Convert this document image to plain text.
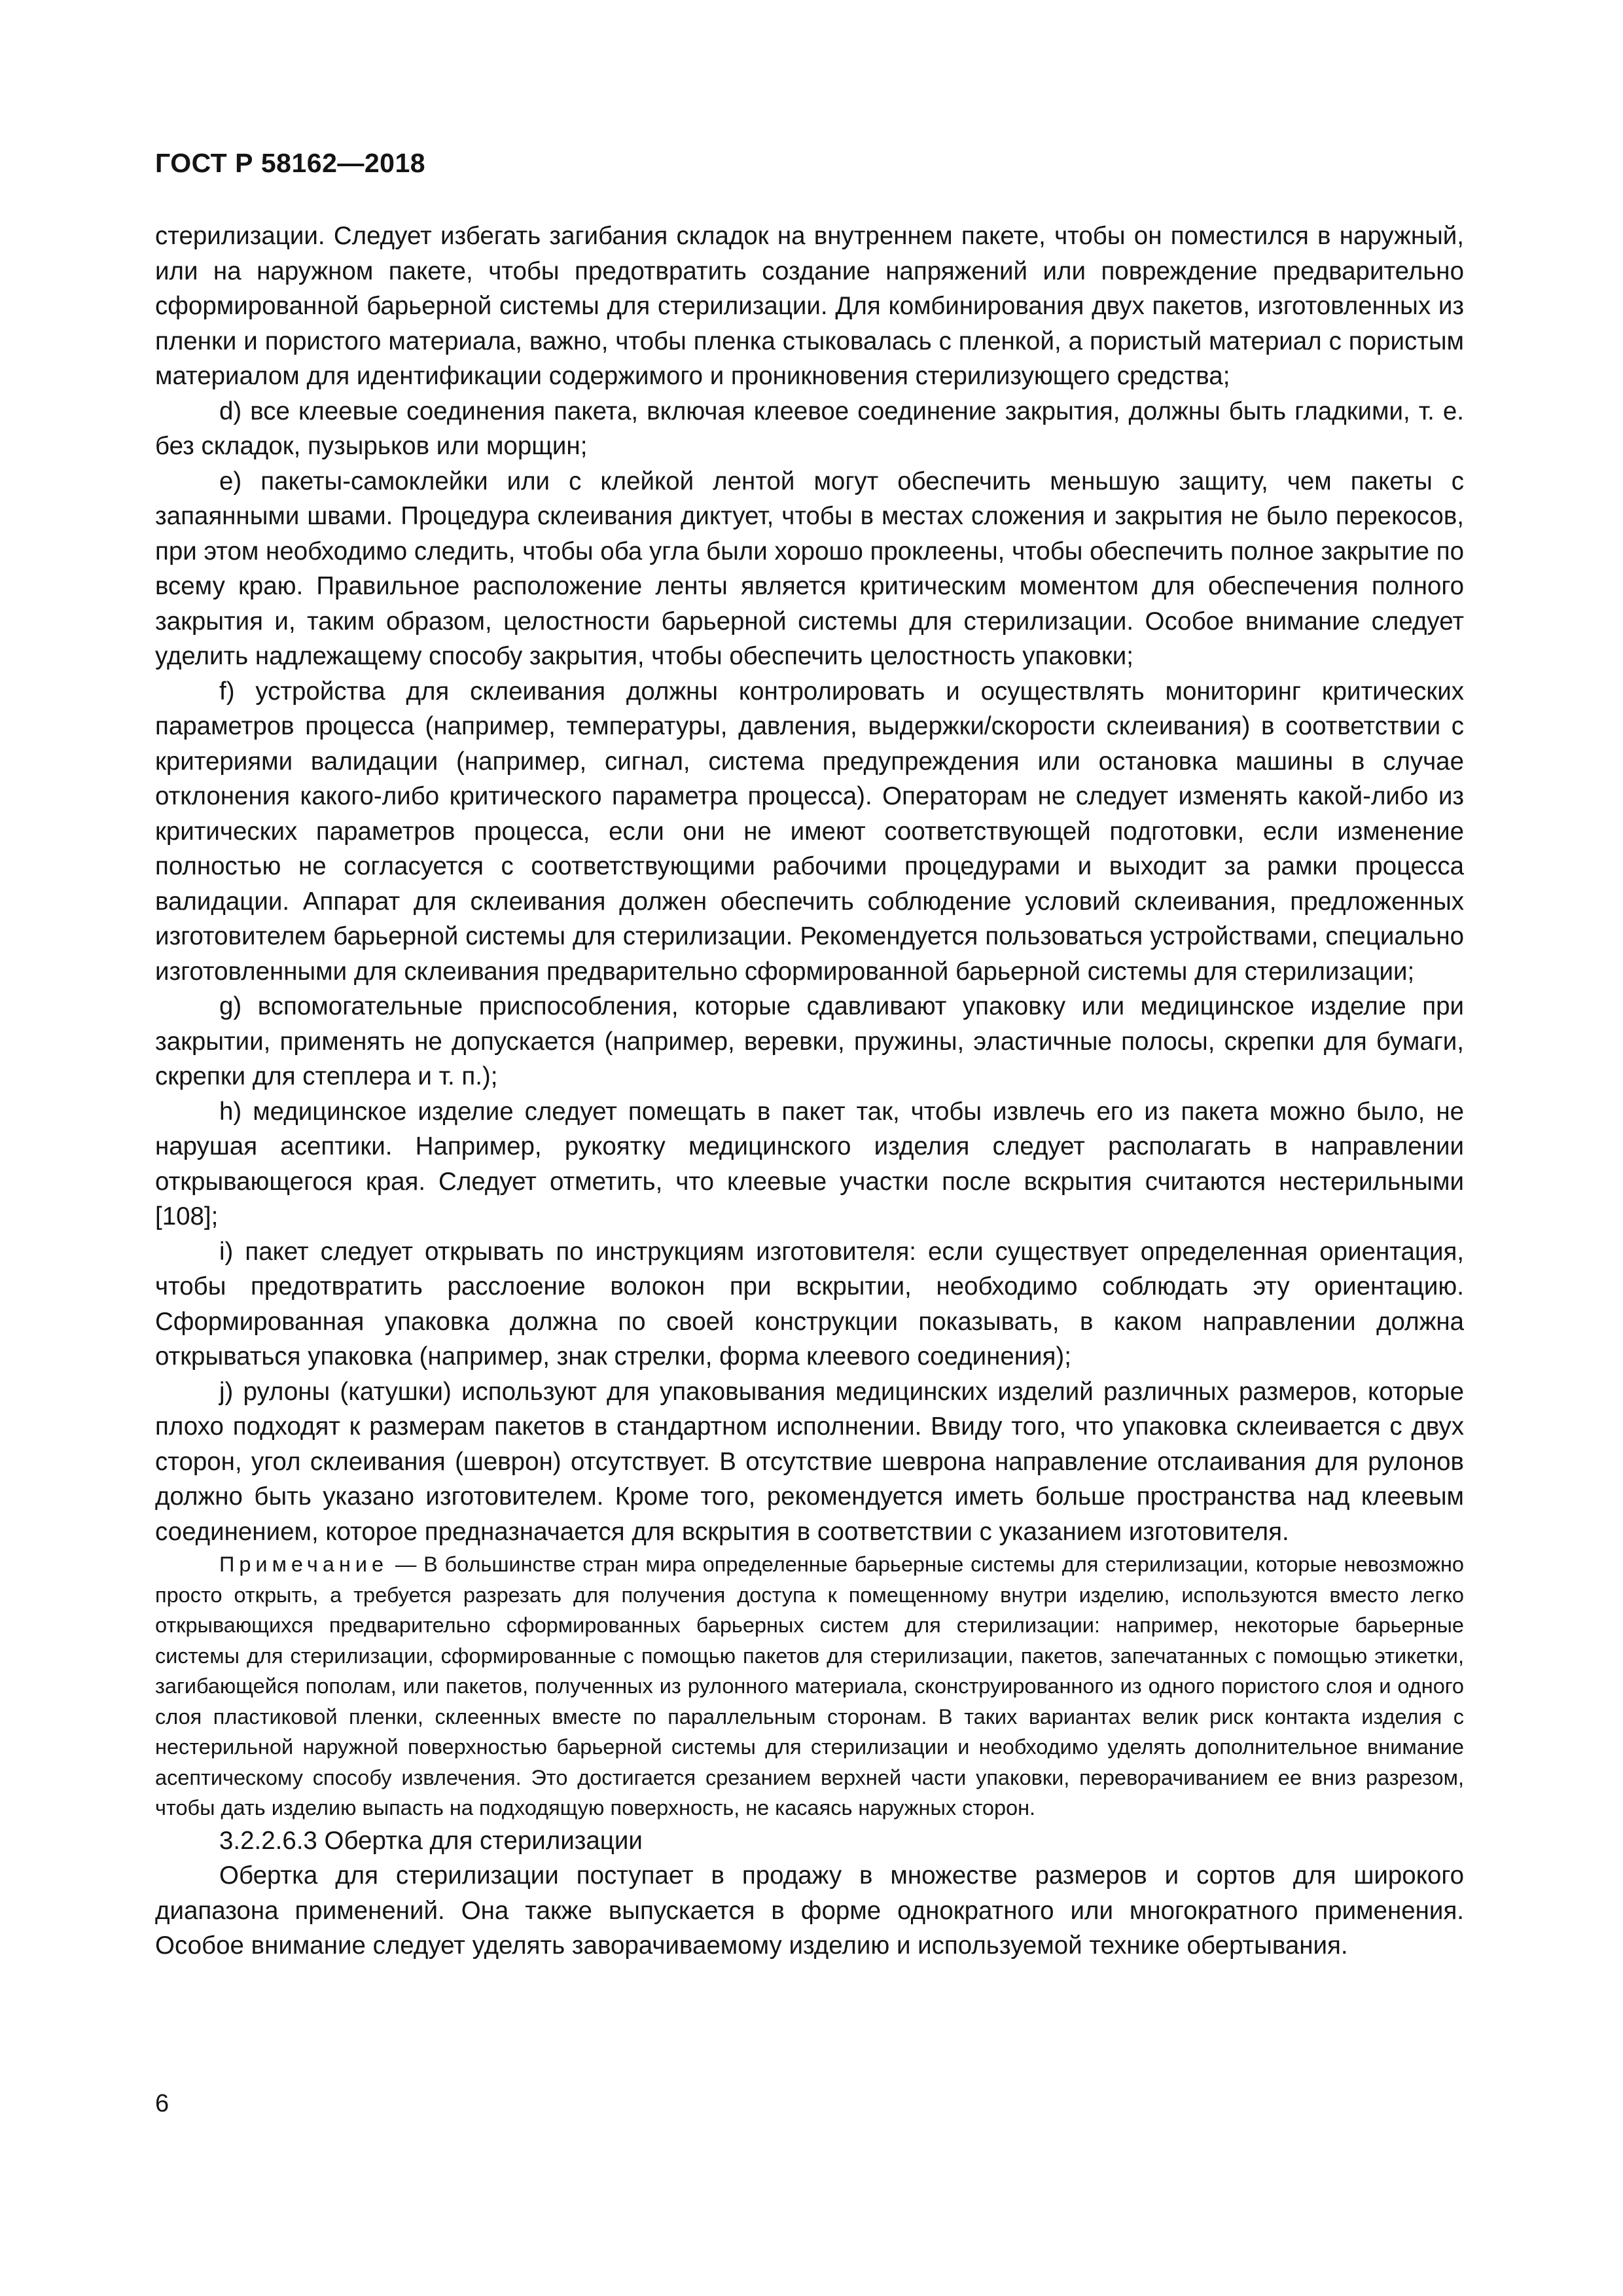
ГОСТ Р 58162—2018

стерилизации. Следует избегать загибания складок на внутреннем пакете, чтобы он поместился в наружный, или на наружном пакете, чтобы предотвратить создание напряжений или повреждение предварительно сформированной барьерной системы для стерилизации. Для комбинирования двух пакетов, изготовленных из пленки и пористого материала, важно, чтобы пленка стыковалась с пленкой, а пористый материал с пористым материалом для идентификации содержимого и проникновения стерилизующего средства;

d) все клеевые соединения пакета, включая клеевое соединение закрытия, должны быть гладкими, т. е. без складок, пузырьков или морщин;

e) пакеты-самоклейки или с клейкой лентой могут обеспечить меньшую защиту, чем пакеты с запаянными швами. Процедура склеивания диктует, чтобы в местах сложения и закрытия не было перекосов, при этом необходимо следить, чтобы оба угла были хорошо проклеены, чтобы обеспечить полное закрытие по всему краю. Правильное расположение ленты является критическим моментом для обеспечения полного закрытия и, таким образом, целостности барьерной системы для стерилизации. Особое внимание следует уделить надлежащему способу закрытия, чтобы обеспечить целостность упаковки;

f) устройства для склеивания должны контролировать и осуществлять мониторинг критических параметров процесса (например, температуры, давления, выдержки/скорости склеивания) в соответствии с критериями валидации (например, сигнал, система предупреждения или остановка машины в случае отклонения какого-либо критического параметра процесса). Операторам не следует изменять какой-либо из критических параметров процесса, если они не имеют соответствующей подготовки, если изменение полностью не согласуется с соответствующими рабочими процедурами и выходит за рамки процесса валидации. Аппарат для склеивания должен обеспечить соблюдение условий склеивания, предложенных изготовителем барьерной системы для стерилизации. Рекомендуется пользоваться устройствами, специально изготовленными для склеивания предварительно сформированной барьерной системы для стерилизации;

g) вспомогательные приспособления, которые сдавливают упаковку или медицинское изделие при закрытии, применять не допускается (например, веревки, пружины, эластичные полосы, скрепки для бумаги, скрепки для степлера и т. п.);

h) медицинское изделие следует помещать в пакет так, чтобы извлечь его из пакета можно было, не нарушая асептики. Например, рукоятку медицинского изделия следует располагать в направлении открывающегося края. Следует отметить, что клеевые участки после вскрытия считаются нестерильными [108];

i) пакет следует открывать по инструкциям изготовителя: если существует определенная ориентация, чтобы предотвратить расслоение волокон при вскрытии, необходимо соблюдать эту ориентацию. Сформированная упаковка должна по своей конструкции показывать, в каком направлении должна открываться упаковка (например, знак стрелки, форма клеевого соединения);

j) рулоны (катушки) используют для упаковывания медицинских изделий различных размеров, которые плохо подходят к размерам пакетов в стандартном исполнении. Ввиду того, что упаковка склеивается с двух сторон, угол склеивания (шеврон) отсутствует. В отсутствие шеврона направление отслаивания для рулонов должно быть указано изготовителем. Кроме того, рекомендуется иметь больше пространства над клеевым соединением, которое предназначается для вскрытия в соответствии с указанием изготовителя.

Примечание — В большинстве стран мира определенные барьерные системы для стерилизации, которые невозможно просто открыть, а требуется разрезать для получения доступа к помещенному внутри изделию, используются вместо легко открывающихся предварительно сформированных барьерных систем для стерилизации: например, некоторые барьерные системы для стерилизации, сформированные с помощью пакетов для стерилизации, пакетов, запечатанных с помощью этикетки, загибающейся пополам, или пакетов, полученных из рулонного материала, сконструированного из одного пористого слоя и одного слоя пластиковой пленки, склеенных вместе по параллельным сторонам. В таких вариантах велик риск контакта изделия с нестерильной наружной поверхностью барьерной системы для стерилизации и необходимо уделять дополнительное внимание асептическому способу извлечения. Это достигается срезанием верхней части упаковки, переворачиванием ее вниз разрезом, чтобы дать изделию выпасть на подходящую поверхность, не касаясь наружных сторон.

3.2.2.6.3 Обертка для стерилизации

Обертка для стерилизации поступает в продажу в множестве размеров и сортов для широкого диапазона применений. Она также выпускается в форме однократного или многократного применения. Особое внимание следует уделять заворачиваемому изделию и используемой технике обертывания.

6
